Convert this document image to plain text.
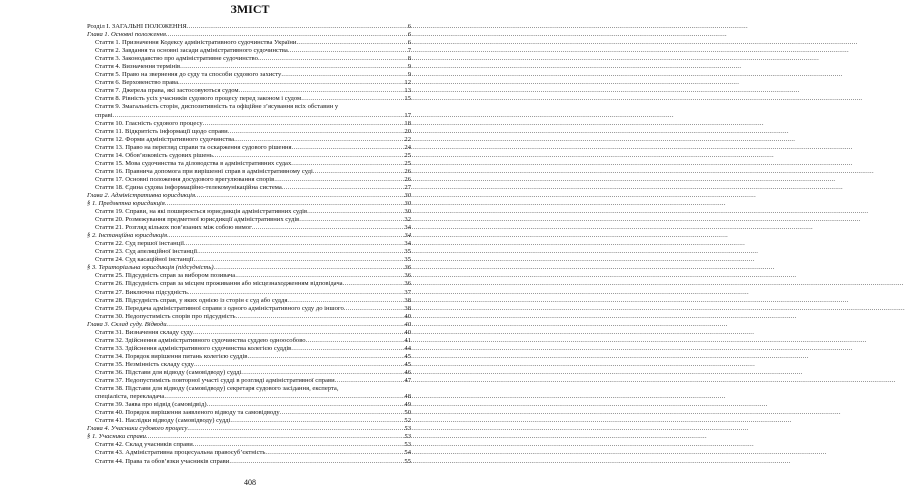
ЗМІСТ
Розділ I. ЗАГАЛЬНІ ПОЛОЖЕННЯ .....	6
Глава 1. Основні положення .....	6
Стаття 1. Призначення Кодексу адміністративного судочинства України .....	6
Стаття 2. Завдання та основні засади адміністративного судочинства .....	7
Стаття 3. Законодавство про адміністративне судочинство .....	8
Стаття 4. Визначення термінів .....	9
Стаття 5. Право на звернення до суду та способи судового захисту .....	9
Стаття 6. Верховенство права .....	12
Стаття 7. Джерела права, які застосовуються судом .....	13
Стаття 8. Рівність усіх учасників судового процесу перед законом і судом .....	15
Стаття 9. Змагальність сторін, диспозитивність та офіційне з’ясування всіх обставин у
справі .....	17
Стаття 10. Гласність судового процесу .....	18
Стаття 11. Відкритість інформації щодо справи .....	20
Стаття 12. Форми адміністративного судочинства .....	22
Стаття 13. Право на перегляд справи та оскарження судового рішення .....	24
Стаття 14. Обов’язковість судових рішень .....	25
Стаття 15. Мова судочинства та діловодства в адміністративних судах .....	25
Стаття 16. Правнича допомога при вирішенні справ в адміністративному суді .....	26
Стаття 17. Основні положення досудового врегулювання спорів .....	26
Стаття 18. Єдина судова інформаційно-телекомунікаційна система .....	27
Глава 2. Адміністративна юрисдикція .....	30
§ 1. Предметна юрисдикція .....	30
Стаття 19. Справи, на які поширюється юрисдикція адміністративних судів .....	30
Стаття 20. Розмежування предметної юрисдикції адміністративних судів .....	32
Стаття 21. Розгляд кількох пов’язаних між собою вимог .....	34
§ 2. Інстанційна юрисдикція .....	34
Стаття 22. Суд першої інстанції .....	34
Стаття 23. Суд апеляційної інстанції .....	35
Стаття 24. Суд касаційної інстанції .....	35
§ 3. Територіальна юрисдикція (підсудність) .....	36
Стаття 25. Підсудність справ за вибором позивача .....	36
Стаття 26. Підсудність справ за місцем проживання або місцезнаходженням відповідача .....	36
Стаття 27. Виключна підсудність .....	37
Стаття 28. Підсудність справ, у яких однією із сторін є суд або суддя .....	38
Стаття 29. Передача адміністративної справи з одного адміністративного суду до іншого .....	38
Стаття 30. Недопустимість спорів про підсудність .....	40
Глава 3. Склад суду. Відводи .....	40
Стаття 31. Визначення складу суду .....	40
Стаття 32. Здійснення адміністративного судочинства суддею одноособово .....	41
Стаття 33. Здійснення адміністративного судочинства колегією суддів .....	44
Стаття 34. Порядок вирішення питань колегією суддів .....	45
Стаття 35. Незмінність складу суду .....	45
Стаття 36. Підстави для відводу (самовідводу) судді .....	46
Стаття 37. Недопустимість повторної участі судді в розгляді адміністративної справи .....	47
Стаття 38. Підстави для відводу (самовідводу) секретаря судового засідання, експерта,
спеціаліста, перекладача .....	48
Стаття 39. Заява про відвід (самовідвід) .....	49
Стаття 40. Порядок вирішення заявленого відводу та самовідводу .....	50
Стаття 41. Наслідки відводу (самовідводу) судді .....	52
Глава 4. Учасники судового процесу .....	53
§ 1. Учасники справи .....	53
Стаття 42. Склад учасників справи .....	53
Стаття 43. Адміністративна процесуальна правосуб’єктність .....	54
Стаття 44. Права та обов’язки учасників справи .....	55
408
